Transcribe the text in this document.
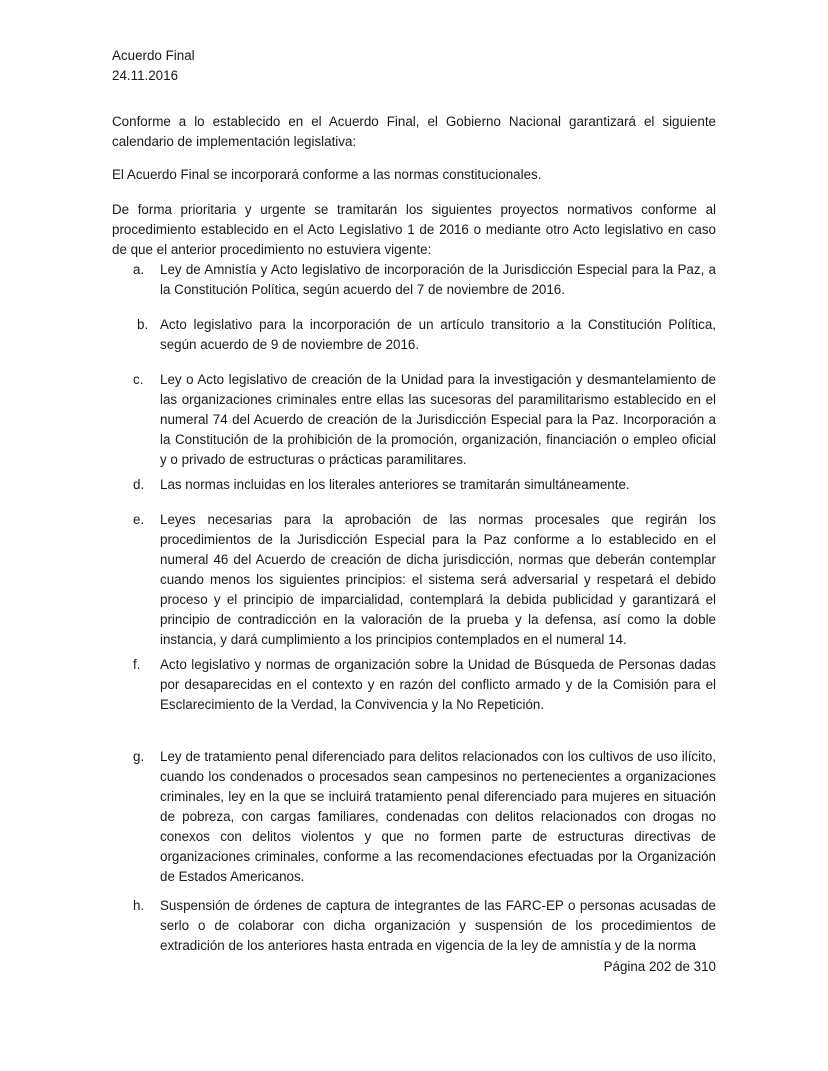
Acuerdo Final
24.11.2016
Conforme a lo establecido en el Acuerdo Final, el Gobierno Nacional garantizará el siguiente calendario de implementación legislativa:
El Acuerdo Final se incorporará conforme a las normas constitucionales.
De forma prioritaria y urgente se tramitarán los siguientes proyectos normativos conforme al procedimiento establecido en el Acto Legislativo 1 de 2016 o mediante otro Acto legislativo en caso de que el anterior procedimiento no estuviera vigente:
a. Ley de Amnistía y Acto legislativo de incorporación de la Jurisdicción Especial para la Paz, a la Constitución Política, según acuerdo del 7 de noviembre de 2016.
b. Acto legislativo para la incorporación de un artículo transitorio a la Constitución Política, según acuerdo de 9 de noviembre de 2016.
c. Ley o Acto legislativo de creación de la Unidad para la investigación y desmantelamiento de las organizaciones criminales entre ellas las sucesoras del paramilitarismo establecido en el numeral 74 del Acuerdo de creación de la Jurisdicción Especial para la Paz. Incorporación a la Constitución de la prohibición de la promoción, organización, financiación o empleo oficial y o privado de estructuras o prácticas paramilitares.
d. Las normas incluidas en los literales anteriores se tramitarán simultáneamente.
e. Leyes necesarias para la aprobación de las normas procesales que regirán los procedimientos de la Jurisdicción Especial para la Paz conforme a lo establecido en el numeral 46 del Acuerdo de creación de dicha jurisdicción, normas que deberán contemplar cuando menos los siguientes principios: el sistema será adversarial y respetará el debido proceso y el principio de imparcialidad, contemplará la debida publicidad y garantizará el principio de contradicción en la valoración de la prueba y la defensa, así como la doble instancia, y dará cumplimiento a los principios contemplados en el numeral 14.
f. Acto legislativo y normas de organización sobre la Unidad de Búsqueda de Personas dadas por desaparecidas en el contexto y en razón del conflicto armado y de la Comisión para el Esclarecimiento de la Verdad, la Convivencia y la No Repetición.
g. Ley de tratamiento penal diferenciado para delitos relacionados con los cultivos de uso ilícito, cuando los condenados o procesados sean campesinos no pertenecientes a organizaciones criminales, ley en la que se incluirá tratamiento penal diferenciado para mujeres en situación de pobreza, con cargas familiares, condenadas con delitos relacionados con drogas no conexos con delitos violentos y que no formen parte de estructuras directivas de organizaciones criminales, conforme a las recomendaciones efectuadas por la Organización de Estados Americanos.
h. Suspensión de órdenes de captura de integrantes de las FARC-EP o personas acusadas de serlo o de colaborar con dicha organización y suspensión de los procedimientos de extradición de los anteriores hasta entrada en vigencia de la ley de amnistía y de la norma
Página 202 de 310
